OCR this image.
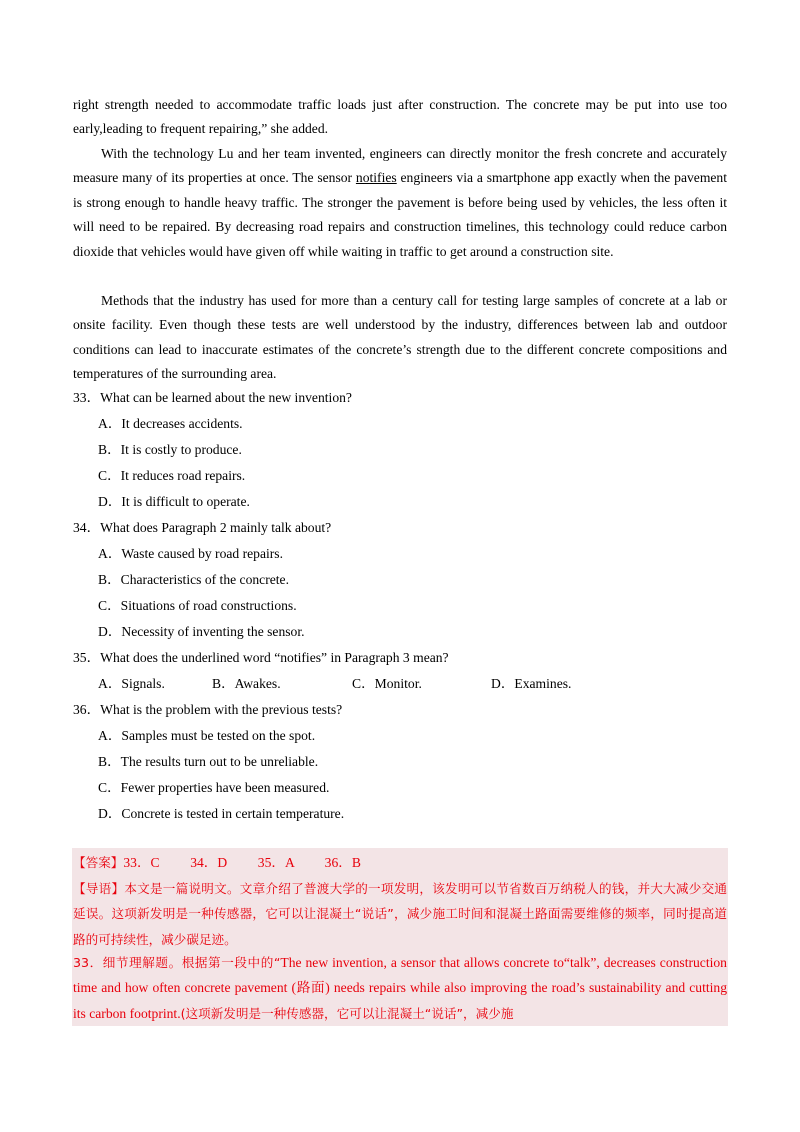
right strength needed to accommodate traffic loads just after construction. The concrete may be put into use too early,leading to frequent repairing,” she added.

With the technology Lu and her team invented, engineers can directly monitor the fresh concrete and accurately measure many of its properties at once. The sensor notifies engineers via a smartphone app exactly when the pavement is strong enough to handle heavy traffic. The stronger the pavement is before being used by vehicles, the less often it will need to be repaired. By decreasing road repairs and construction timelines, this technology could reduce carbon dioxide that vehicles would have given off while waiting in traffic to get around a construction site.

Methods that the industry has used for more than a century call for testing large samples of concrete at a lab or onsite facility. Even though these tests are well understood by the industry, differences between lab and outdoor conditions can lead to inaccurate estimates of the concrete’s strength due to the different concrete compositions and temperatures of the surrounding area.

33．What can be learned about the new invention?

A．It decreases accidents.

B．It is costly to produce.

C．It reduces road repairs.

D．It is difficult to operate.

34．What does Paragraph 2 mainly talk about?

A．Waste caused by road repairs.

B．Characteristics of the concrete.

C．Situations of road constructions.

D．Necessity of inventing the sensor.

35．What does the underlined word “notifies” in Paragraph 3 mean?

A．Signals.	B．Awakes.	C．Monitor.	D．Examines.

36．What is the problem with the previous tests?

A．Samples must be tested on the spot.

B．The results turn out to be unreliable.

C．Fewer properties have been measured.

D．Concrete is tested in certain temperature.

【答案】33．C　　 34．D　　 35．A　　 36．B

【导语】本文是一篇说明文。文章介绍了普渡大学的一项发明，该发明可以节省数百万纳税人的钱，并大大减少交通延误。这项新发明是一种传感器，它可以让混凝土“说话”，减少施工时间和混凝土路面需要维修的频率，同时提高道路的可持续性，减少碳足迹。

33．细节理解题。根据第一段中的“The new invention, a sensor that allows concrete to“talk”, decreases construction time and how often concrete pavement (路面) needs repairs while also improving the road’s sustainability and cutting its carbon footprint.(这项新发明是一种传感器，它可以让混凝土“说话”，减少施
